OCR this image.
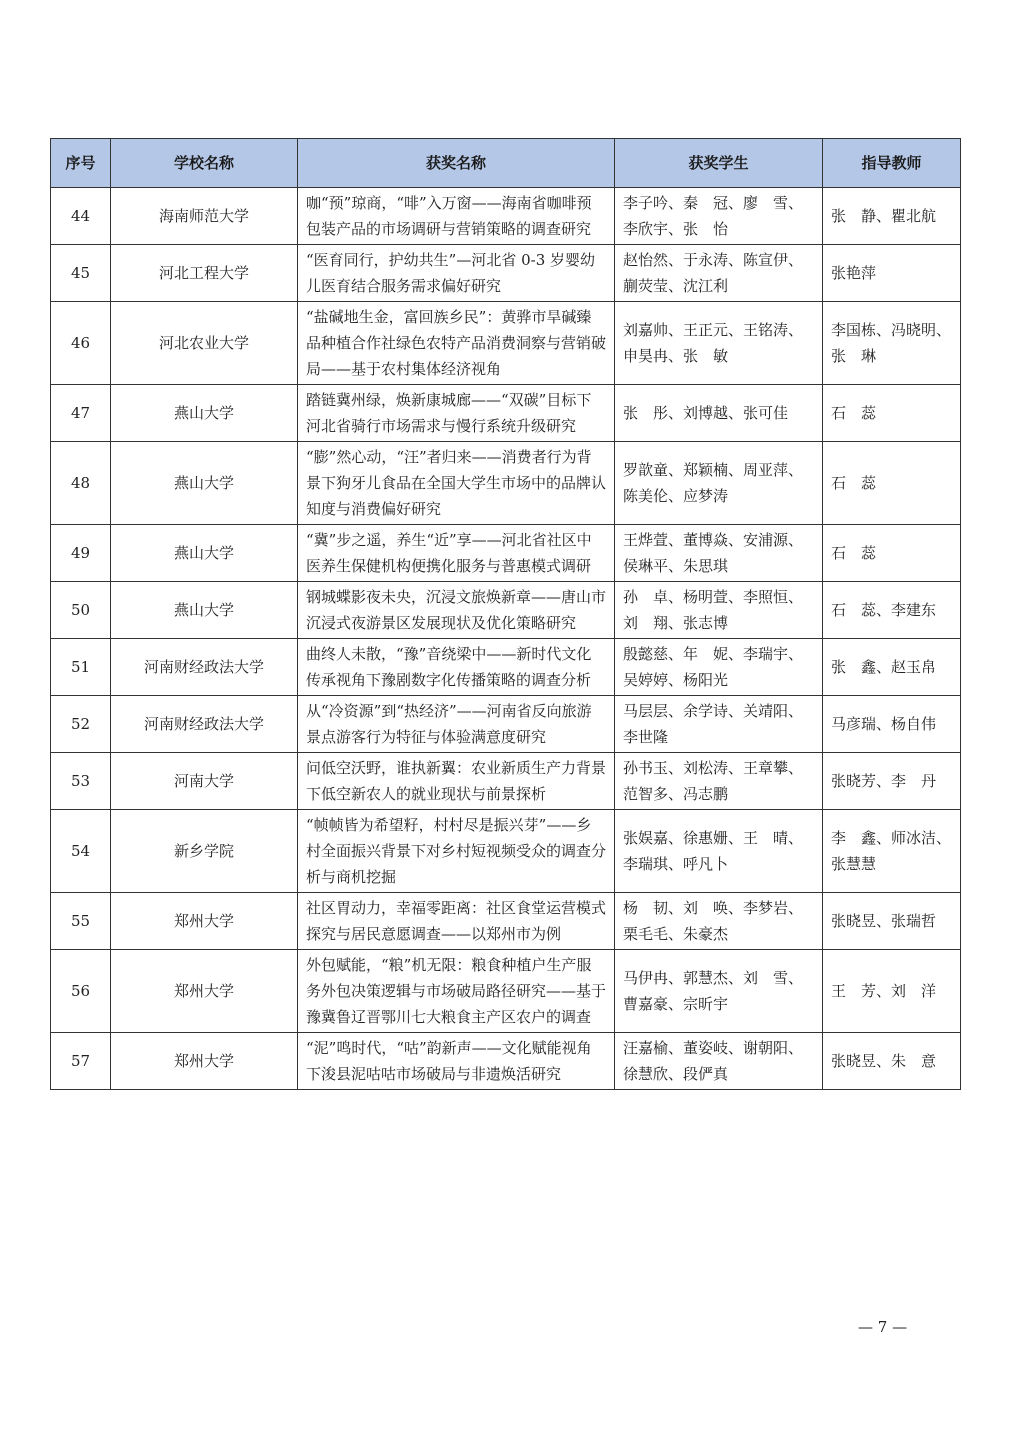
序号	学校名称	获奖名称	获奖学生	指导教师
44	海南师范大学	咖“预”琼商，“啡”入万窗——海南省咖啡预包装产品的市场调研与营销策略的调查研究	李子吟、秦　冠、廖　雪、李欣宇、张　怡	张　静、瞿北航
45	河北工程大学	“医育同行，护幼共生”—河北省 0-3 岁婴幼儿医育结合服务需求偏好研究	赵怡然、于永涛、陈宣伊、蒯荧莹、沈江利	张艳萍
46	河北农业大学	“盐碱地生金，富回族乡民”：黄骅市旱碱臻品种植合作社绿色农特产品消费洞察与营销破局——基于农村集体经济视角	刘嘉帅、王正元、王铭涛、申昊冉、张　敏	李国栋、冯晓明、张　琳
47	燕山大学	踏链冀州绿，焕新康城廊——“双碳”目标下河北省骑行市场需求与慢行系统升级研究	张　彤、刘博越、张可佳	石　蕊
48	燕山大学	“膨”然心动，“汪”者归来——消费者行为背景下狗牙儿食品在全国大学生市场中的品牌认知度与消费偏好研究	罗歆童、郑颖楠、周亚萍、陈美伦、应梦涛	石　蕊
49	燕山大学	“冀”步之遥，养生“近”享——河北省社区中医养生保健机构便携化服务与普惠模式调研	王烨萱、董博焱、安浦源、侯琳平、朱思琪	石　蕊
50	燕山大学	钢城蝶影夜未央，沉浸文旅焕新章——唐山市沉浸式夜游景区发展现状及优化策略研究	孙　卓、杨明萱、李照恒、刘　翔、张志博	石　蕊、李建东
51	河南财经政法大学	曲终人未散，“豫”音绕梁中——新时代文化传承视角下豫剧数字化传播策略的调查分析	殷懿慈、年　妮、李瑞宇、吴婷婷、杨阳光	张　鑫、赵玉帛
52	河南财经政法大学	从“冷资源”到“热经济”——河南省反向旅游景点游客行为特征与体验满意度研究	马层层、余学诗、关靖阳、李世隆	马彦瑞、杨自伟
53	河南大学	问低空沃野，谁执新翼：农业新质生产力背景下低空新农人的就业现状与前景探析	孙书玉、刘松涛、王章攀、范智多、冯志鹏	张晓芳、李　丹
54	新乡学院	“帧帧皆为希望籽，村村尽是振兴芽”——乡村全面振兴背景下对乡村短视频受众的调查分析与商机挖掘	张娱嘉、徐惠姗、王　晴、李瑞琪、呼凡卜	李　鑫、师冰洁、张慧慧
55	郑州大学	社区胃动力，幸福零距离：社区食堂运营模式探究与居民意愿调查——以郑州市为例	杨　韧、刘　唤、李梦岩、栗毛毛、朱豪杰	张晓昱、张瑞哲
56	郑州大学	外包赋能，“粮”机无限：粮食种植户生产服务外包决策逻辑与市场破局路径研究——基于豫冀鲁辽晋鄂川七大粮食主产区农户的调查	马伊冉、郭慧杰、刘　雪、曹嘉豪、宗昕宇	王　芳、刘　洋
57	郑州大学	“泥”鸣时代，“咕”韵新声——文化赋能视角下浚县泥咕咕市场破局与非遗焕活研究	汪嘉榆、董姿岐、谢朝阳、徐慧欣、段俨真	张晓昱、朱　意
— 7 —
